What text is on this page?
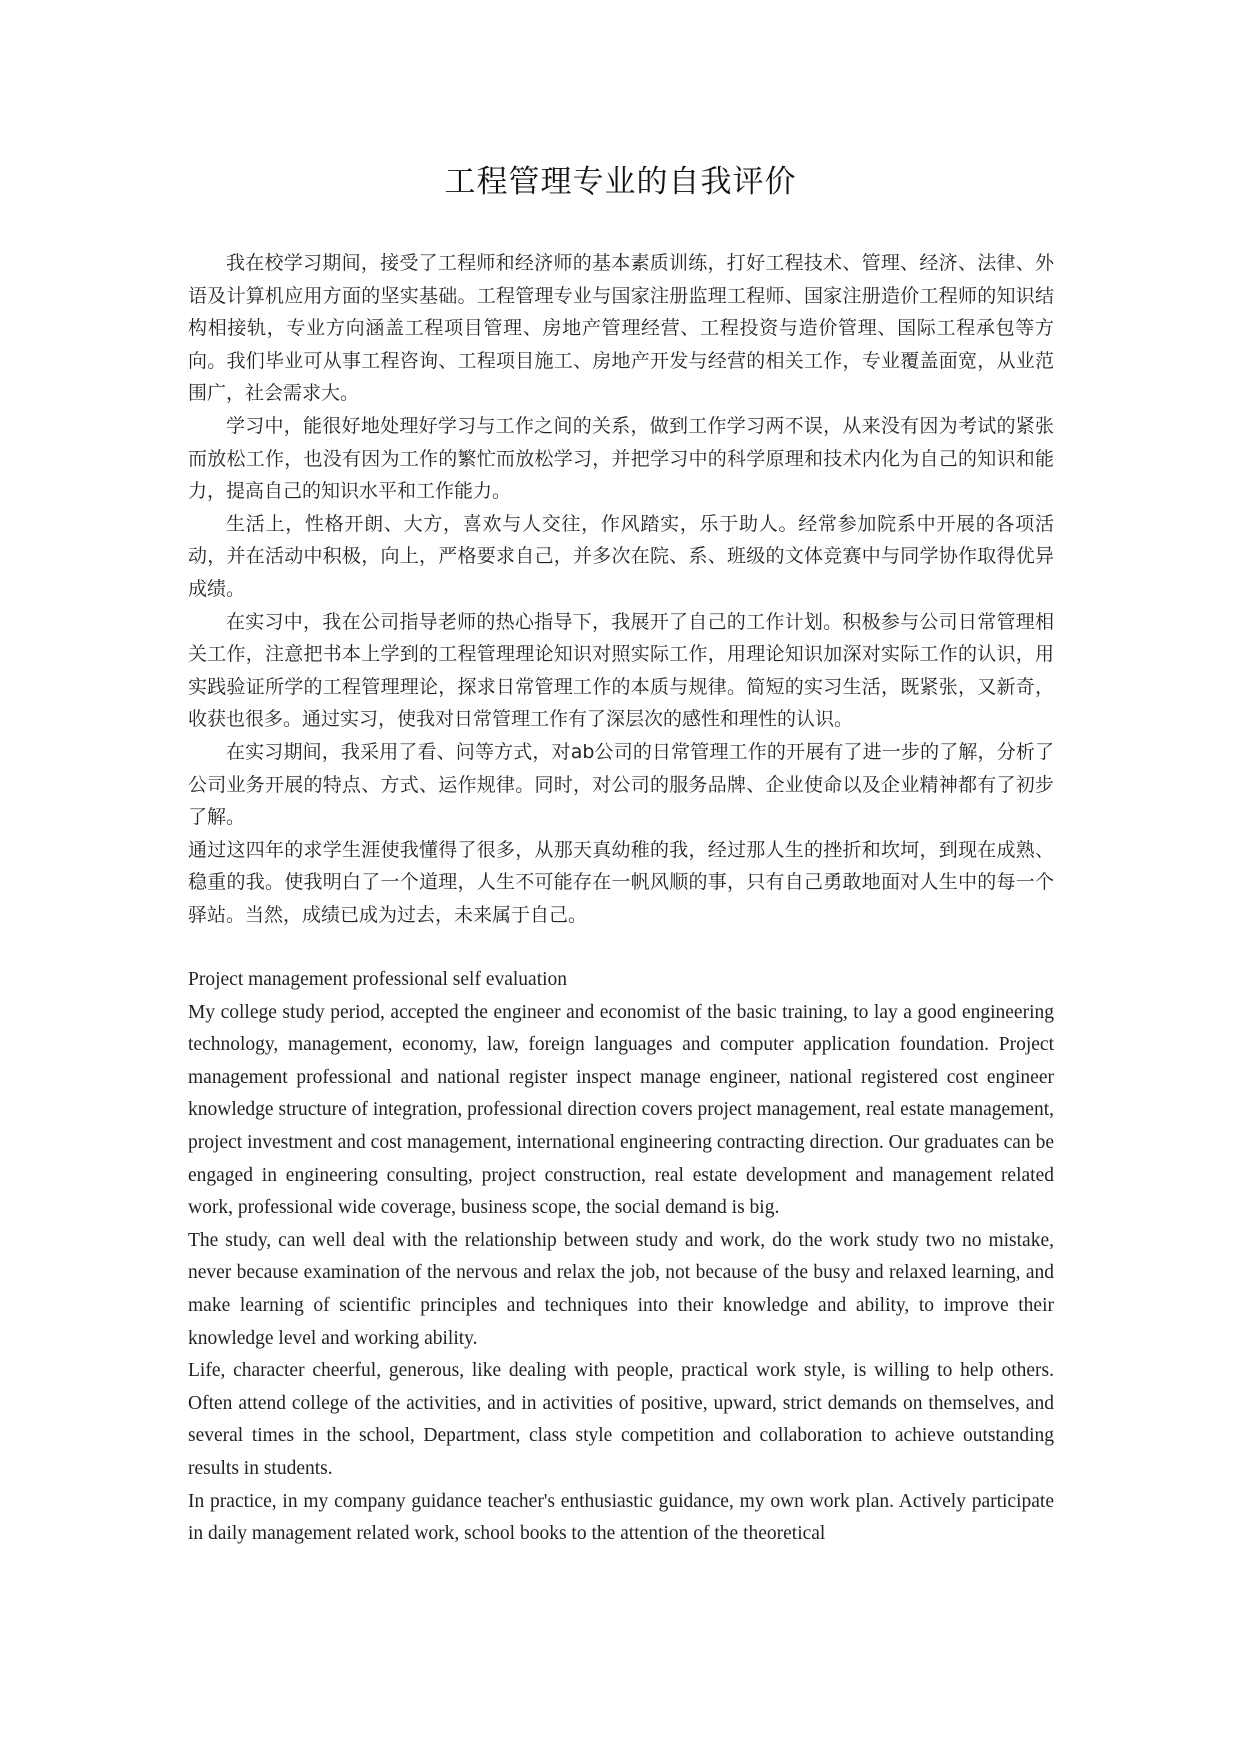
工程管理专业的自我评价

我在校学习期间，接受了工程师和经济师的基本素质训练，打好工程技术、管理、经济、法律、外语及计算机应用方面的坚实基础。工程管理专业与国家注册监理工程师、国家注册造价工程师的知识结构相接轨，专业方向涵盖工程项目管理、房地产管理经营、工程投资与造价管理、国际工程承包等方向。我们毕业可从事工程咨询、工程项目施工、房地产开发与经营的相关工作，专业覆盖面宽，从业范围广，社会需求大。

学习中，能很好地处理好学习与工作之间的关系，做到工作学习两不误，从来没有因为考试的紧张而放松工作，也没有因为工作的繁忙而放松学习，并把学习中的科学原理和技术内化为自己的知识和能力，提高自己的知识水平和工作能力。

生活上，性格开朗、大方，喜欢与人交往，作风踏实，乐于助人。经常参加院系中开展的各项活动，并在活动中积极，向上，严格要求自己，并多次在院、系、班级的文体竞赛中与同学协作取得优异成绩。

在实习中，我在公司指导老师的热心指导下，我展开了自己的工作计划。积极参与公司日常管理相关工作，注意把书本上学到的工程管理理论知识对照实际工作，用理论知识加深对实际工作的认识，用实践验证所学的工程管理理论，探求日常管理工作的本质与规律。简短的实习生活，既紧张，又新奇，收获也很多。通过实习，使我对日常管理工作有了深层次的感性和理性的认识。

在实习期间，我采用了看、问等方式，对ab公司的日常管理工作的开展有了进一步的了解，分析了公司业务开展的特点、方式、运作规律。同时，对公司的服务品牌、企业使命以及企业精神都有了初步了解。

通过这四年的求学生涯使我懂得了很多，从那天真幼稚的我，经过那人生的挫折和坎坷，到现在成熟、稳重的我。使我明白了一个道理，人生不可能存在一帆风顺的事，只有自己勇敢地面对人生中的每一个驿站。当然，成绩已成为过去，未来属于自己。

Project management professional self evaluation

My college study period, accepted the engineer and economist of the basic training, to lay a good engineering technology, management, economy, law, foreign languages and computer application foundation. Project management professional and national register inspect manage engineer, national registered cost engineer knowledge structure of integration, professional direction covers project management, real estate management, project investment and cost management, international engineering contracting direction. Our graduates can be engaged in engineering consulting, project construction, real estate development and management related work, professional wide coverage, business scope, the social demand is big.

The study, can well deal with the relationship between study and work, do the work study two no mistake, never because examination of the nervous and relax the job, not because of the busy and relaxed learning, and make learning of scientific principles and techniques into their knowledge and ability, to improve their knowledge level and working ability.

Life, character cheerful, generous, like dealing with people, practical work style, is willing to help others. Often attend college of the activities, and in activities of positive, upward, strict demands on themselves, and several times in the school, Department, class style competition and collaboration to achieve outstanding results in students.

In practice, in my company guidance teacher's enthusiastic guidance, my own work plan. Actively participate in daily management related work, school books to the attention of the theoretical
